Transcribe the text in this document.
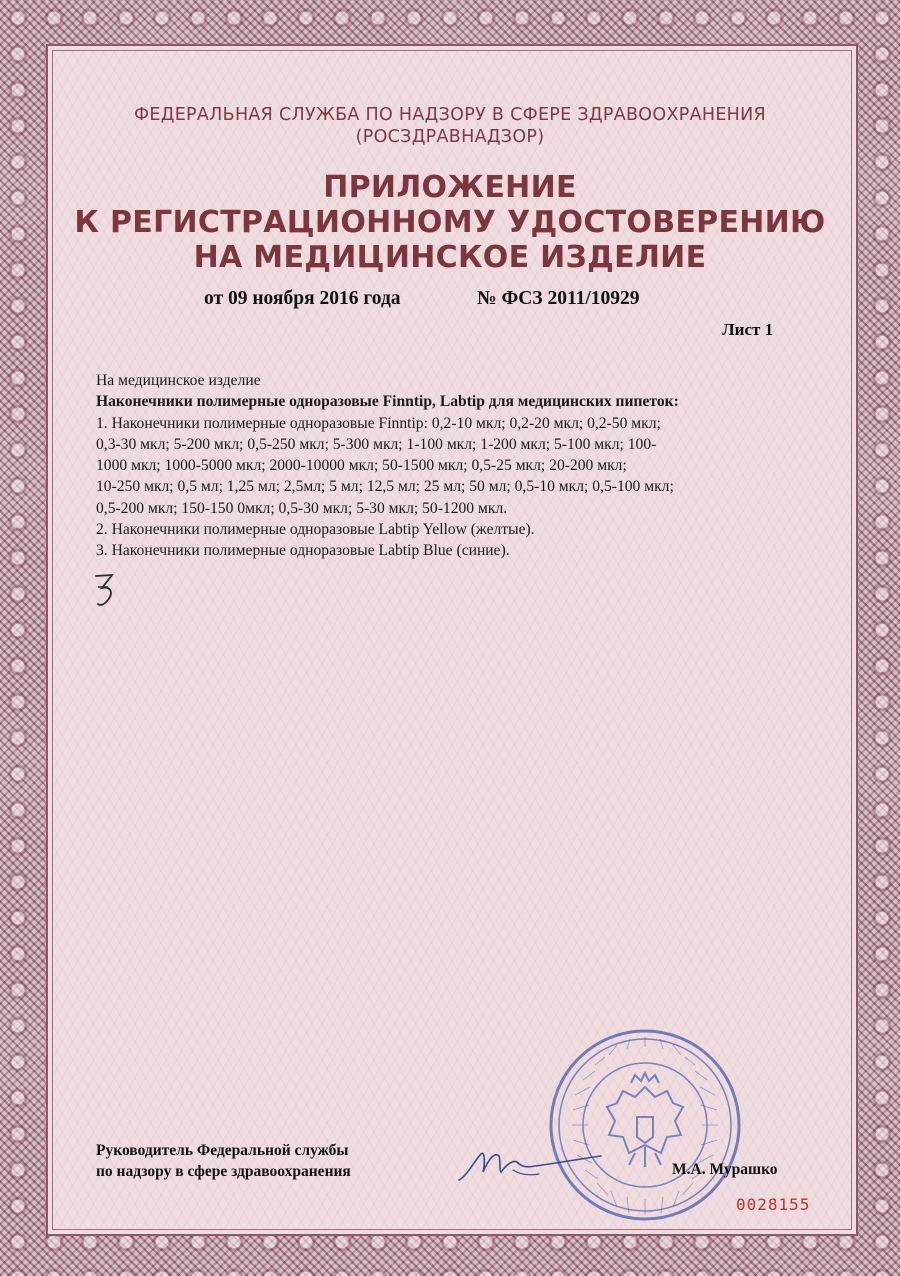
ФЕДЕРАЛЬНАЯ СЛУЖБА ПО НАДЗОРУ В СФЕРЕ ЗДРАВООХРАНЕНИЯ
(РОСЗДРАВНАДЗОР)
ПРИЛОЖЕНИЕ
К РЕГИСТРАЦИОННОМУ УДОСТОВЕРЕНИЮ
НА МЕДИЦИНСКОЕ ИЗДЕЛИЕ
от 09 ноября 2016 года	№ ФСЗ 2011/10929
Лист 1

На медицинское изделие

Наконечники полимерные одноразовые Finntip, Labtip для медицинских пипеток:

1. Наконечники полимерные одноразовые Finntip: 0,2-10 мкл; 0,2-20 мкл; 0,2-50 мкл;

0,3-30 мкл; 5-200 мкл; 0,5-250 мкл; 5-300 мкл; 1-100 мкл; 1-200 мкл; 5-100 мкл; 100-

1000 мкл; 1000-5000 мкл; 2000-10000 мкл; 50-1500 мкл; 0,5-25 мкл; 20-200 мкл;

10-250 мкл; 0,5 мл; 1,25 мл; 2,5мл; 5 мл; 12,5 мл; 25 мл; 50 мл; 0,5-10 мкл; 0,5-100 мкл;

0,5-200 мкл; 150-150 0мкл; 0,5-30 мкл; 5-30 мкл; 50-1200 мкл.

2. Наконечники полимерные одноразовые Labtip Yellow (желтые).

3. Наконечники полимерные одноразовые Labtip Blue (синие).

Руководитель Федеральной службы
по надзору в сфере здравоохранения	М.А. Мурашко
0028155
